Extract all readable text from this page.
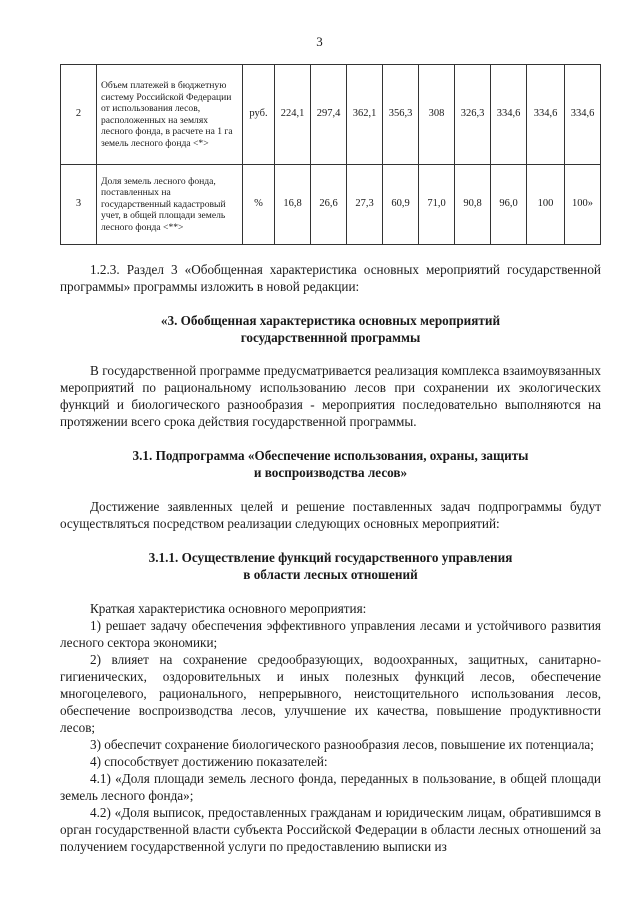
3
2	Объем платежей в бюджетную систему Российской Федерации от использования лесов, расположенных на землях лесного фонда, в расчете на 1 га земель лесного фонда <*>	руб.	224,1	297,4	362,1	356,3	308	326,3	334,6	334,6	334,6
3	Доля земель лесного фонда, поставленных на государственный кадастровый учет, в общей площади земель лесного фонда <**>	%	16,8	26,6	27,3	60,9	71,0	90,8	96,0	100	100»

1.2.3. Раздел 3 «Обобщенная характеристика основных мероприятий государственной программы» программы изложить в новой редакции:

«3. Обобщенная характеристика основных мероприятий
государственнной программы

В государственной программе предусматривается реализация комплекса взаимоувязанных мероприятий по рациональному использованию лесов при сохранении их экологических функций и биологического разнообразия - мероприятия последовательно выполняются на протяжении всего срока действия государственной программы.

3.1. Подпрограмма «Обеспечение использования, охраны, защиты
и воспроизводства лесов»

Достижение заявленных целей и решение поставленных задач подпрограммы будут осуществляться посредством реализации следующих основных мероприятий:

3.1.1. Осуществление функций государственного управления
в области лесных отношений

Краткая характеристика основного мероприятия:

1) решает задачу обеспечения эффективного управления лесами и устойчивого развития лесного сектора экономики;

2) влияет на сохранение средообразующих, водоохранных, защитных, санитарно-гигиенических, оздоровительных и иных полезных функций лесов, обеспечение многоцелевого, рационального, непрерывного, неистощительного использования лесов, обеспечение воспроизводства лесов, улучшение их качества, повышение продуктивности лесов;

3) обеспечит сохранение биологического разнообразия лесов, повышение их потенциала;

4) способствует достижению показателей:

4.1) «Доля площади земель лесного фонда, переданных в пользование, в общей площади земель лесного фонда»;

4.2) «Доля выписок, предоставленных гражданам и юридическим лицам, обратившимся в орган государственной власти субъекта Российской Федерации в области лесных отношений за получением государственной услуги по предоставлению выписки из
